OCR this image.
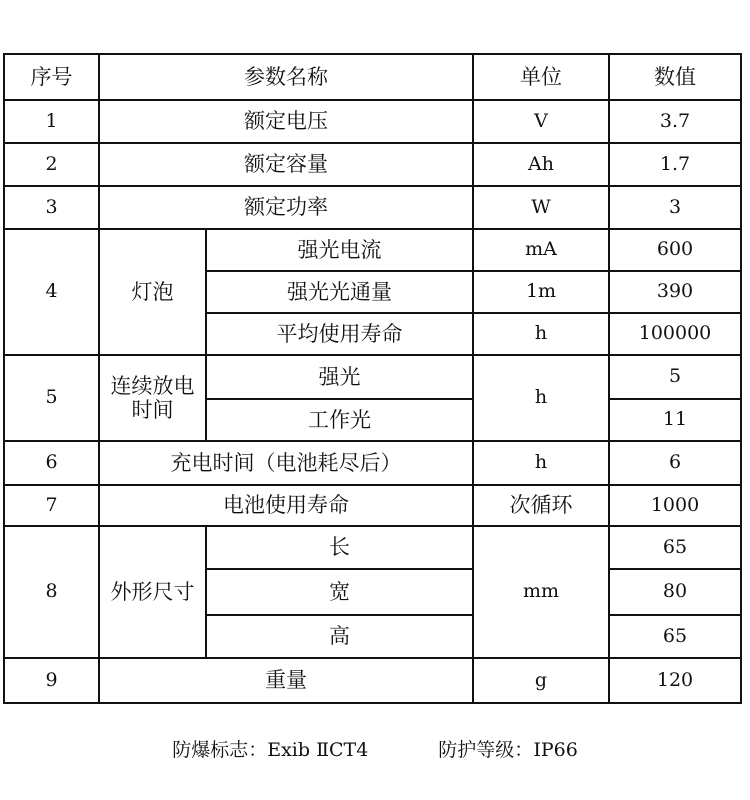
序号	参数名称		单位	数值
1	额定电压		V	3.7
2	额定容量		Ah	1.7
3	额定功率		W	3
4	灯泡	强光电流	mA	600
		强光光通量	1m	390
		平均使用寿命	h	100000
5	连续放电
时间	强光	h	5
		工作光		11
6	充电时间（电池耗尽后）		h	6
7	电池使用寿命		次循环	1000
8	外形尺寸	长	mm	65
		宽		80
		高		65
9	重量		g	120
防爆标志：Exib ⅡCT4	防护等级：IP66
